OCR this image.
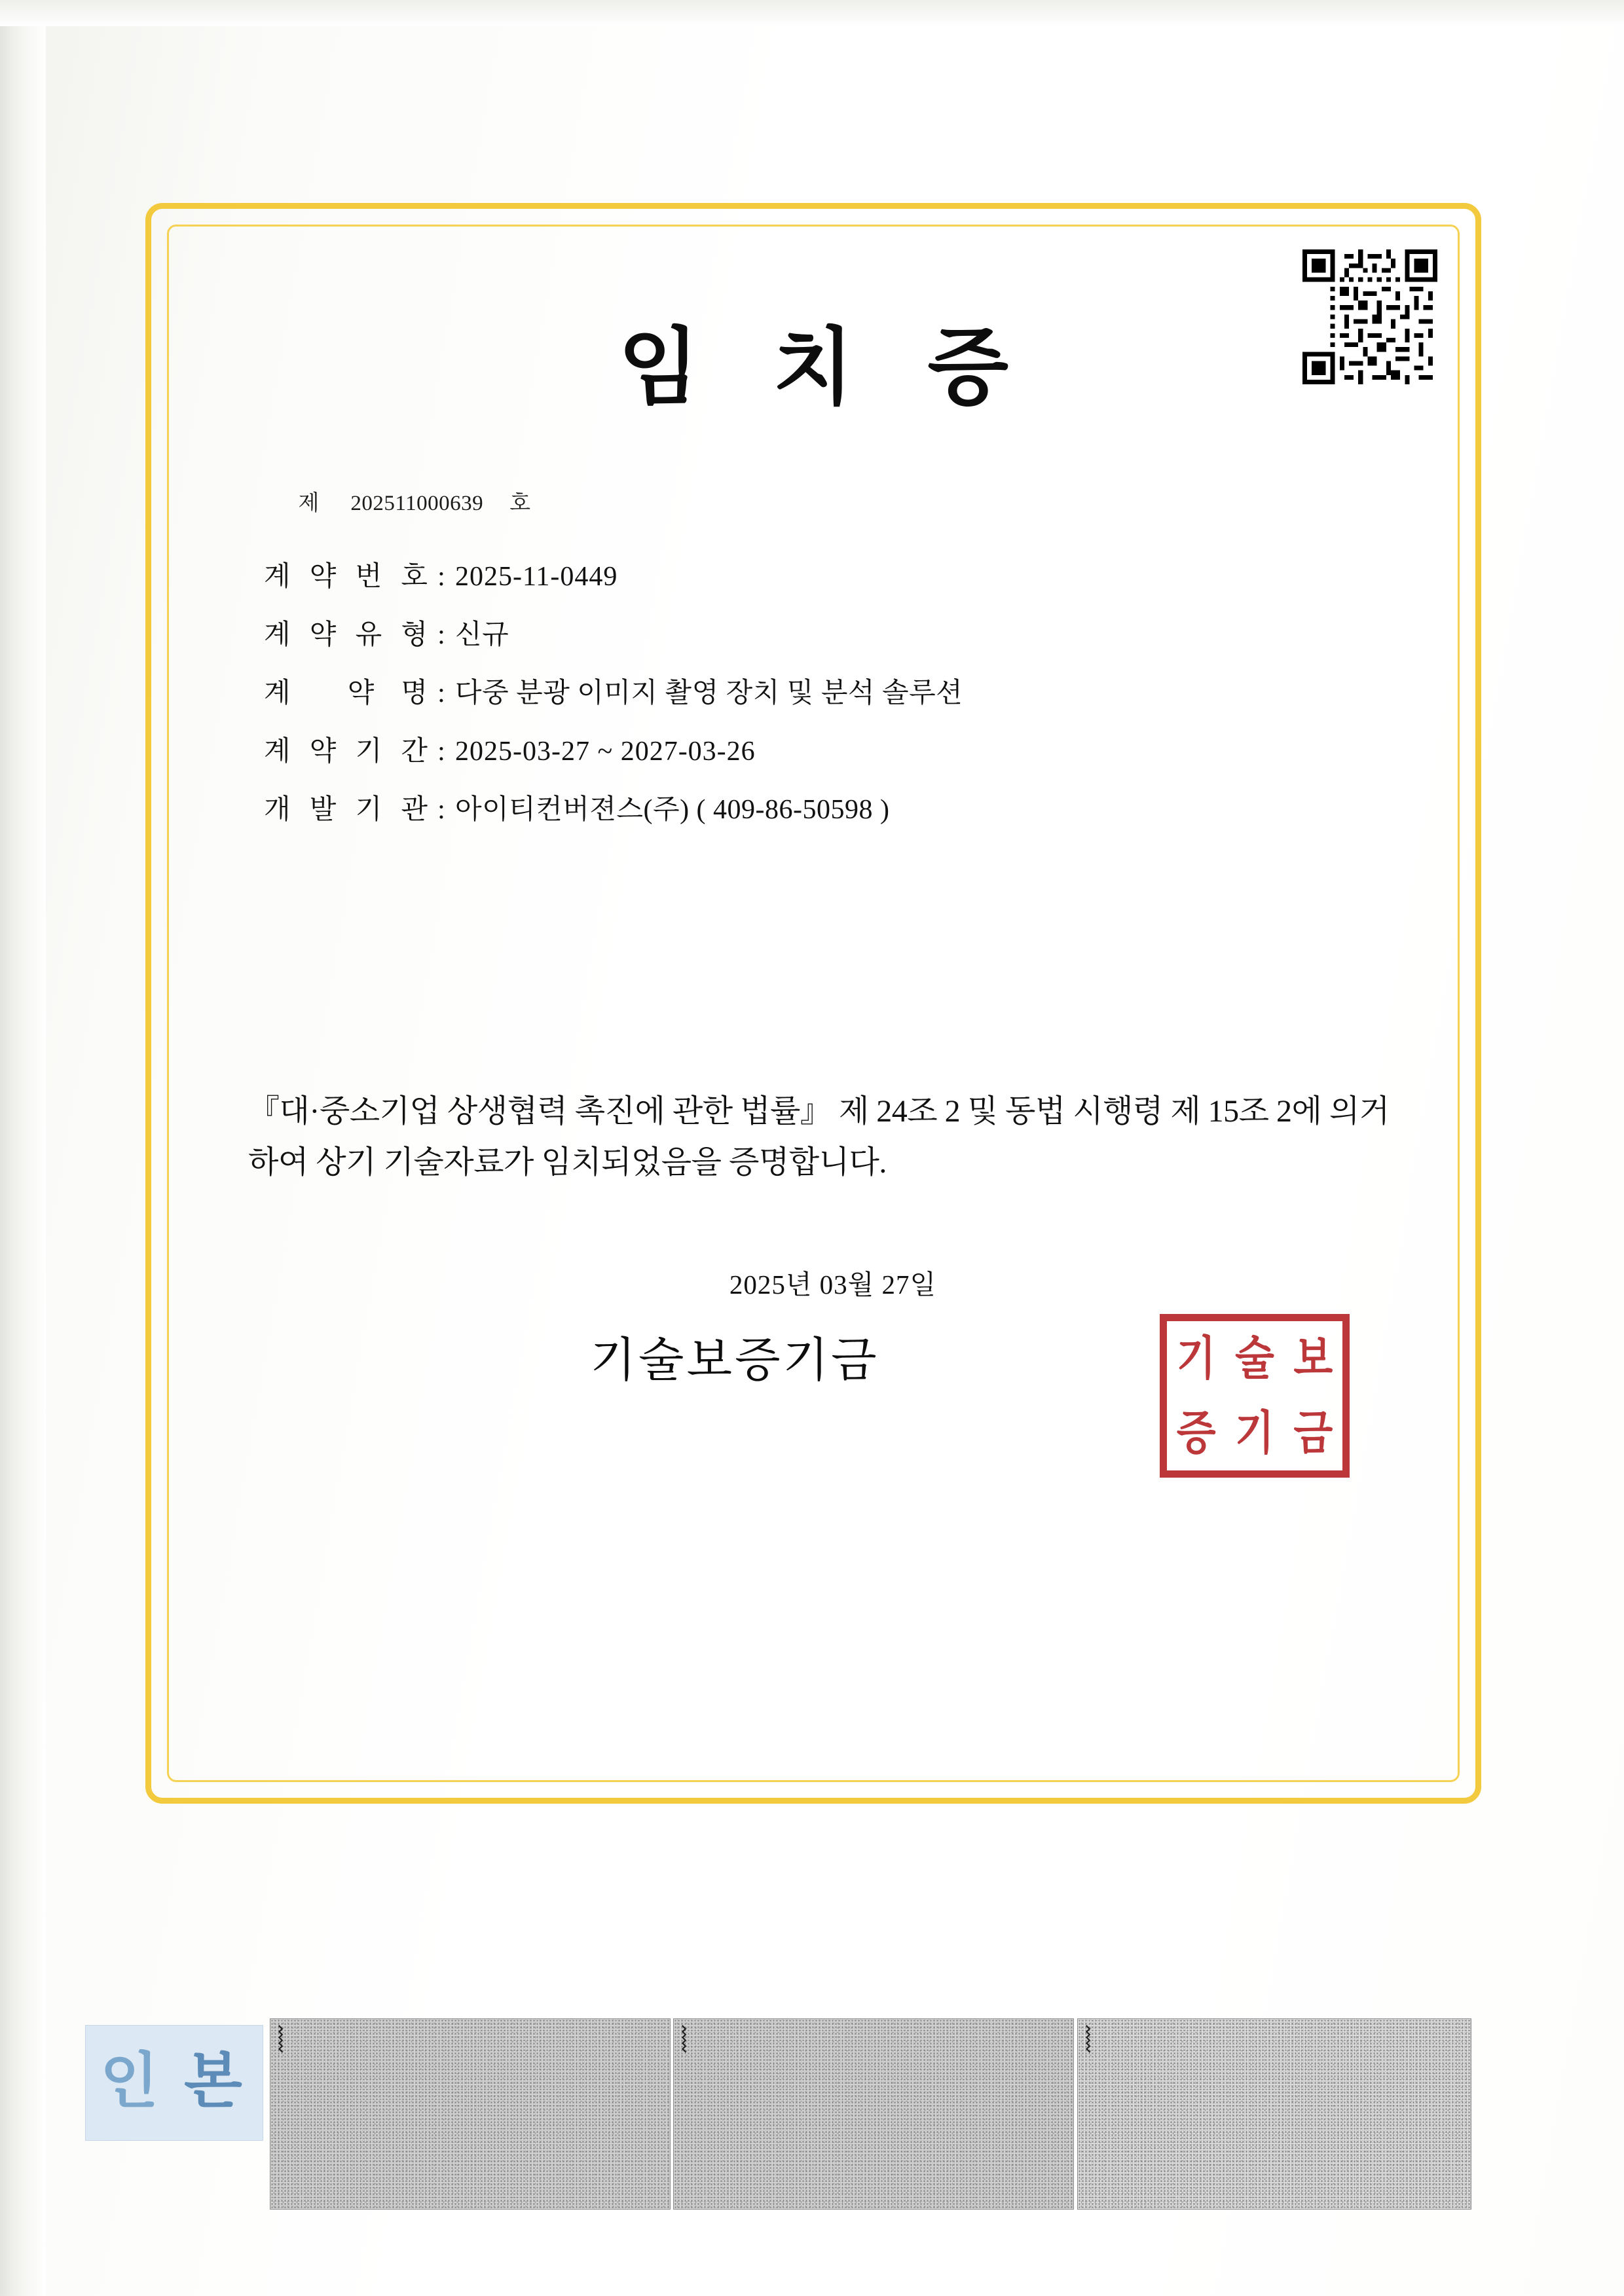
임 치 증

제 202511000639 호

계 약 번 호 : 2025-11-0449
계 약 유 형 : 신규
계	약 명 : 다중 분광 이미지 촬영 장치 및 분석 솔루션
계 약 기 간 : 2025-03-27 ~ 2027-03-26
개 발 기 관 : 아이티컨버젼스(주) ( 409-86-50598 )
『대·중소기업 상생협력 촉진에 관한 법률』 제 24조 2 및 동법 시행령 제 15조 2에 의거하여 상기 기술자료가 임치되었음을 증명합니다.
2025년 03월 27일
기술보증기금	기 술 보
증 기 금
인 본
⦚	⦚	⦚
